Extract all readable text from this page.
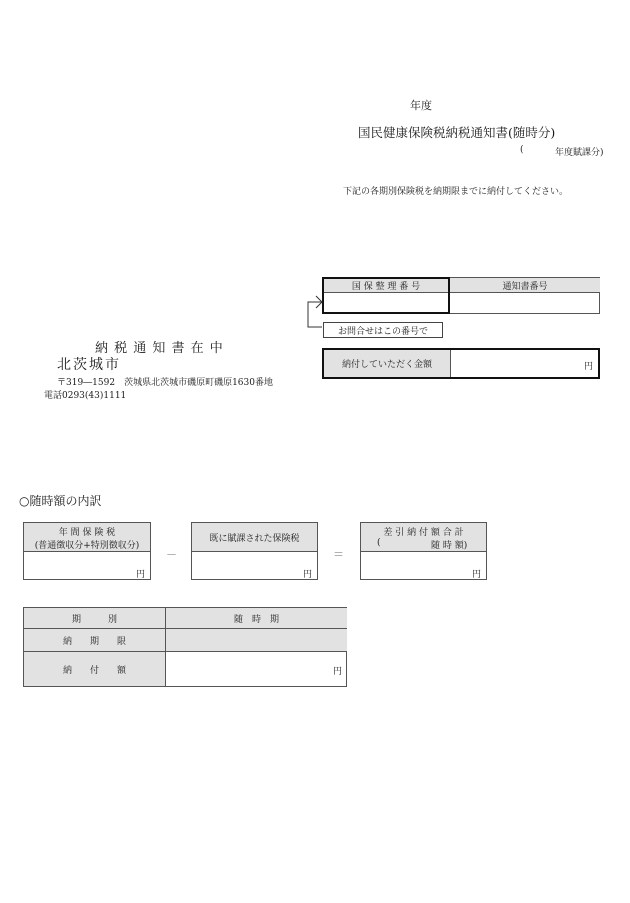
年度
国民健康保険税納税通知書(随時分)
(	年度賦課分)
下記の各期別保険税を納期限までに納付してください。
国 保 整 理 番 号	通知書番号
お問合せはこの番号で
納付していただく金額	円
納 税 通 知 書 在 中
北茨城市
〒319―1592　茨城県北茨城市磯原町磯原1630番地
電話0293(43)1111
○随時額の内訳
年 間 保 険 税
(普通徴収分+特別徴収分)
円
－
既に賦課された保険税
円
＝
差 引 納 付 額 合 計
(	随 時 額)
円
期　　　別	随　時　期
納　　期　　限
納　　付　　額	円
